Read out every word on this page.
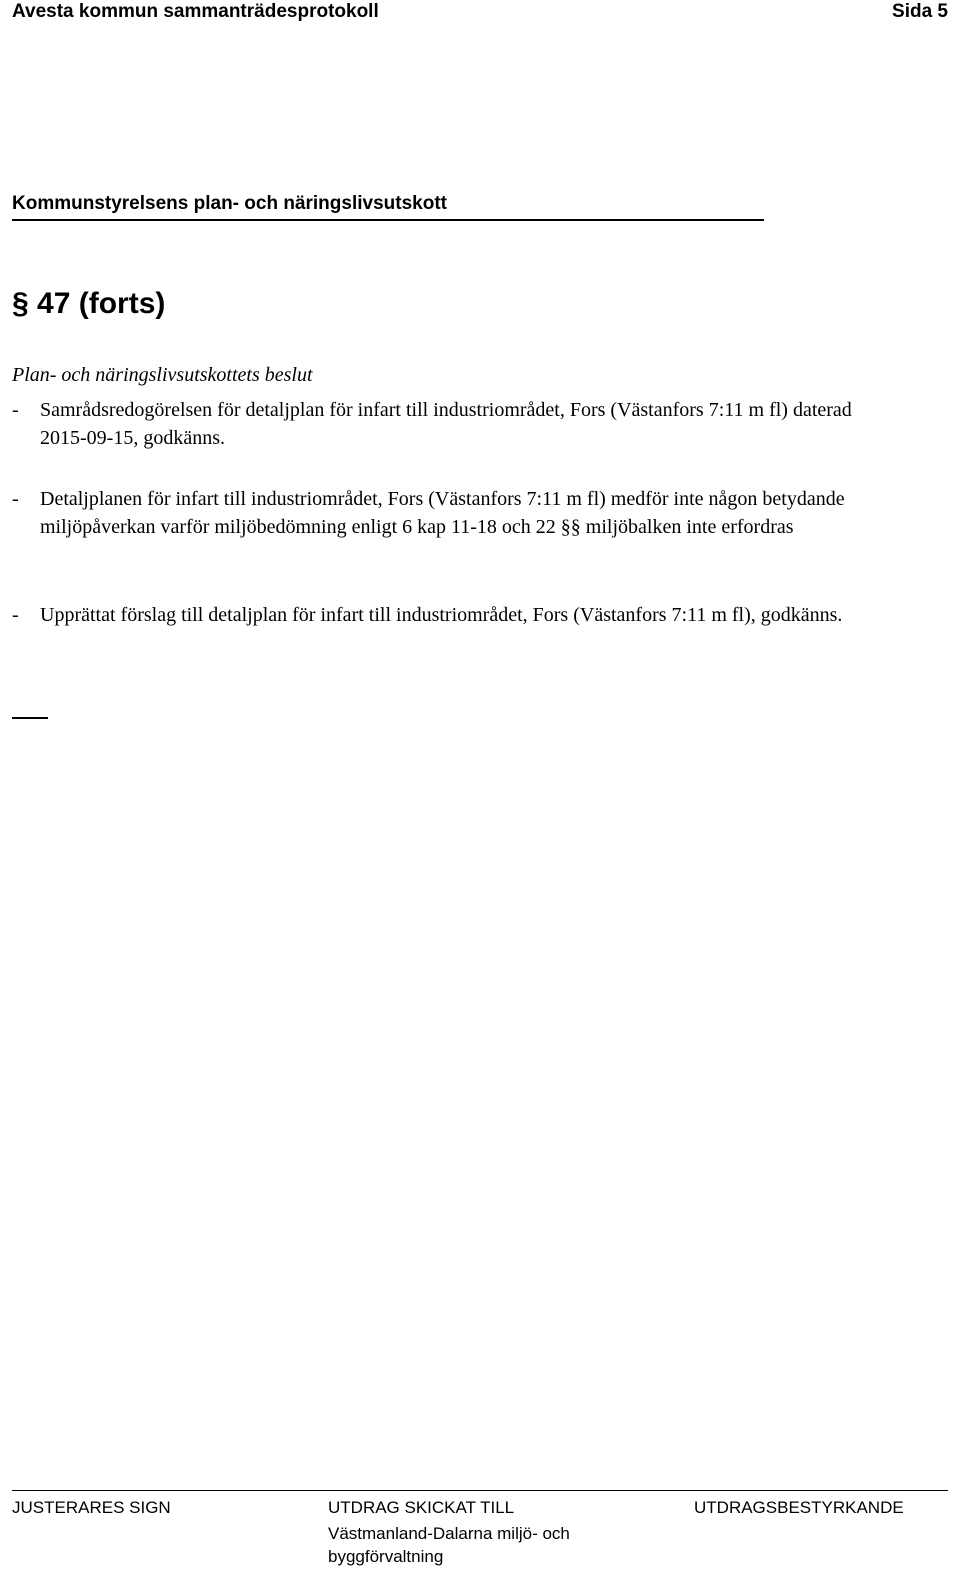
Avesta kommun sammanträdesprotokoll	Sida 5
Kommunstyrelsens plan- och näringslivsutskott
§ 47 (forts)
Plan- och näringslivsutskottets beslut
- Samrådsredogörelsen för detaljplan för infart till industriområdet, Fors (Västanfors 7:11 m fl) daterad 2015-09-15, godkänns.
- Detaljplanen för infart till industriområdet, Fors (Västanfors 7:11 m fl) medför inte någon betydande miljöpåverkan varför miljöbedömning enligt 6 kap 11-18 och 22 §§ miljöbalken inte erfordras
- Upprättat förslag till detaljplan för infart till industriområdet, Fors (Västanfors 7:11 m fl), godkänns.
JUSTERARES SIGN	UTDRAG SKICKAT TILL	UTDRAGSBESTYRKANDE
Västmanland-Dalarna miljö- och byggförvaltning
